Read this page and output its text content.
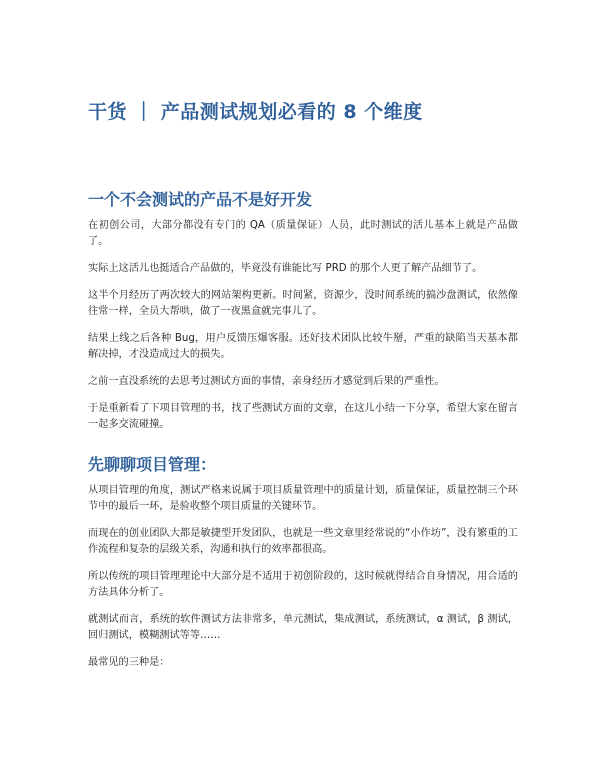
干货 ｜ 产品测试规划必看的 8 个维度
一个不会测试的产品不是好开发

在初创公司，大部分都没有专门的 QA（质量保证）人员，此时测试的活儿基本上就是产品做了。

实际上这活儿也挺适合产品做的，毕竟没有谁能比写 PRD 的那个人更了解产品细节了。

这半个月经历了两次较大的网站架构更新。时间紧，资源少，没时间系统的搞沙盘测试，依然像往常一样，全员大帮哄，做了一夜黑盒就完事儿了。

结果上线之后各种 Bug，用户反馈压爆客服。还好技术团队比较牛掰，严重的缺陷当天基本都解决掉，才没造成过大的损失。

之前一直没系统的去思考过测试方面的事情，亲身经历才感觉到后果的严重性。

于是重新看了下项目管理的书，找了些测试方面的文章，在这儿小结一下分享，希望大家在留言一起多交流碰撞。

先聊聊项目管理：

从项目管理的角度，测试严格来说属于项目质量管理中的质量计划，质量保证，质量控制三个环节中的最后一环，是验收整个项目质量的关键环节。

而现在的创业团队大都是敏捷型开发团队，也就是一些文章里经常说的“小作坊”，没有繁重的工作流程和复杂的层级关系，沟通和执行的效率都很高。

所以传统的项目管理理论中大部分是不适用于初创阶段的，这时候就得结合自身情况，用合适的方法具体分析了。

就测试而言，系统的软件测试方法非常多，单元测试，集成测试，系统测试，α 测试，β 测试，回归测试，模糊测试等等……

最常见的三种是：
